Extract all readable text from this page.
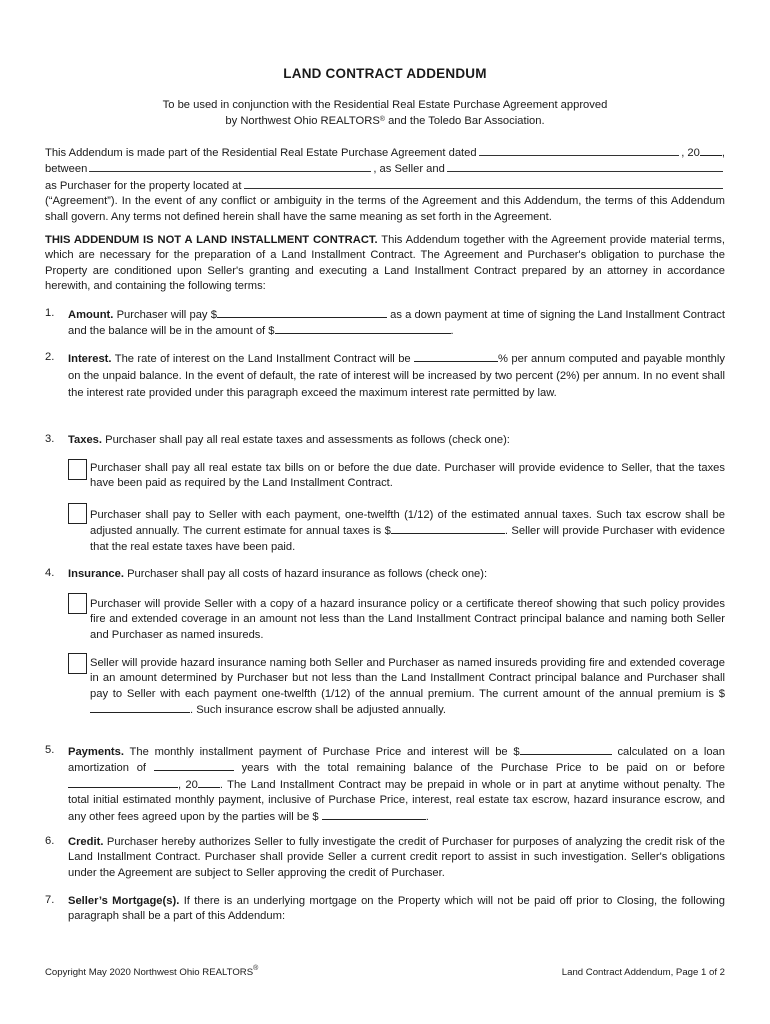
LAND CONTRACT ADDENDUM
To be used in conjunction with the Residential Real Estate Purchase Agreement approved
by Northwest Ohio REALTORS® and the Toledo Bar Association.
This Addendum is made part of the Residential Real Estate Purchase Agreement dated	, 20 ,
between	, as Seller and
as Purchaser for the property located at
(“Agreement”). In the event of any conflict or ambiguity in the terms of the Agreement and this Addendum, the terms of this Addendum shall govern. Any terms not defined herein shall have the same meaning as set forth in the Agreement.
THIS ADDENDUM IS NOT A LAND INSTALLMENT CONTRACT. This Addendum together with the Agreement provide material terms, which are necessary for the preparation of a Land Installment Contract. The Agreement and Purchaser's obligation to purchase the Property are conditioned upon Seller's granting and executing a Land Installment Contract prepared by an attorney in accordance herewith, and containing the following terms:
1. Amount. Purchaser will pay $	as a down payment at time of signing the Land Installment Contract and the balance will be in the amount of $	.
2. Interest. The rate of interest on the Land Installment Contract will be	% per annum computed and payable monthly on the unpaid balance. In the event of default, the rate of interest will be increased by two percent (2%) per annum. In no event shall the interest rate provided under this paragraph exceed the maximum interest rate permitted by law.
3. Taxes. Purchaser shall pay all real estate taxes and assessments as follows (check one):
Purchaser shall pay all real estate tax bills on or before the due date. Purchaser will provide evidence to Seller, that the taxes have been paid as required by the Land Installment Contract.
Purchaser shall pay to Seller with each payment, one-twelfth (1/12) of the estimated annual taxes. Such tax escrow shall be adjusted annually. The current estimate for annual taxes is $	. Seller will provide Purchaser with evidence that the real estate taxes have been paid.
4. Insurance. Purchaser shall pay all costs of hazard insurance as follows (check one):
Purchaser will provide Seller with a copy of a hazard insurance policy or a certificate thereof showing that such policy provides fire and extended coverage in an amount not less than the Land Installment Contract principal balance and naming both Seller and Purchaser as named insureds.
Seller will provide hazard insurance naming both Seller and Purchaser as named insureds providing fire and extended coverage in an amount determined by Purchaser but not less than the Land Installment Contract principal balance and Purchaser shall pay to Seller with each payment one-twelfth (1/12) of the annual premium. The current amount of the annual premium is $. Such insurance escrow shall be adjusted annually.
5. Payments. The monthly installment payment of Purchase Price and interest will be $	calculated on a loan amortization of	years with the total remaining balance of the Purchase Price to be paid on or before , 20 . The Land Installment Contract may be prepaid in whole or in part at anytime without penalty. The total initial estimated monthly payment, inclusive of Purchase Price, interest, real estate tax escrow, hazard insurance escrow, and any other fees agreed upon by the parties will be $	.
6. Credit. Purchaser hereby authorizes Seller to fully investigate the credit of Purchaser for purposes of analyzing the credit risk of the Land Installment Contract. Purchaser shall provide Seller a current credit report to assist in such investigation. Seller's obligations under the Agreement are subject to Seller approving the credit of Purchaser.
7. Seller’s Mortgage(s). If there is an underlying mortgage on the Property which will not be paid off prior to Closing, the following paragraph shall be a part of this Addendum:
Copyright May 2020 Northwest Ohio REALTORS®	Land Contract Addendum, Page 1 of 2
